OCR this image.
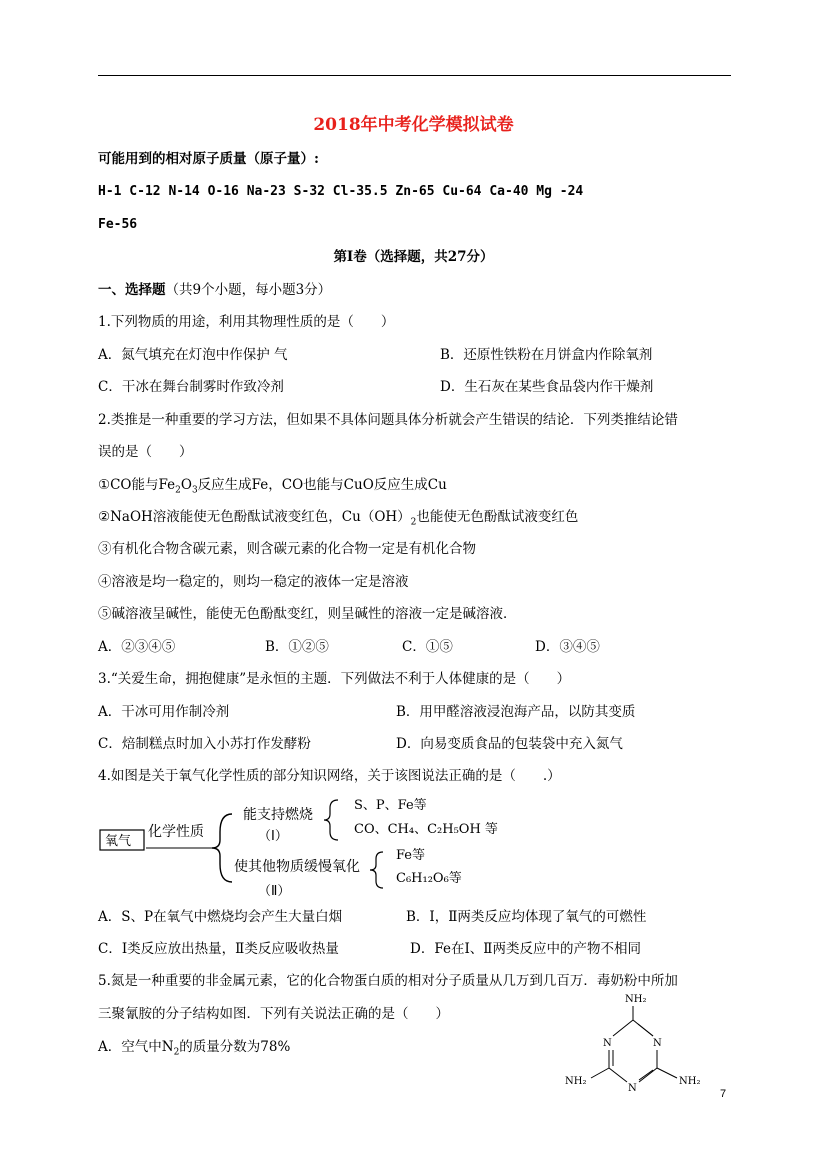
2018年中考化学模拟试卷
可能用到的相对原子质量（原子量）:
H-1 C-12 N-14 O-16 Na-23 S-32 Cl-35.5 Zn-65 Cu-64 Ca-40 Mg -24
Fe-56
第Ⅰ卷（选择题，共27分）
一、选择题（共9个小题，每小题3分）
1.下列物质的用途，利用其物理性质的是（　　）
A．氮气填充在灯泡中作保护 气	B．还原性铁粉在月饼盒内作除氧剂
C．干冰在舞台制雾时作致冷剂	D．生石灰在某些食品袋内作干燥剂
2.类推是一种重要的学习方法，但如果不具体问题具体分析就会产生错误的结论．下列类推结论错
误的是（　　）
①CO能与$Fe_2O_3$反应生成Fe，CO也能与CuO反应生成Cu
②NaOH溶液能使无色酚酞试液变红色，$Cu(OH)_2$也能使无色酚酞试液变红色
③有机化合物含碳元素，则含碳元素的化合物一定是有机化合物
④溶液是均一稳定的，则均一稳定的液体一定是溶液
⑤碱溶液呈碱性，能使无色酚酞变红，则呈碱性的溶液一定是碱溶液．
A．②③④⑤	B．①②⑤	C．①⑤	D．③④⑤
3.“关爱生命，拥抱健康”是永恒的主题．下列做法不利于人体健康的是（　　）
A．干冰可用作制冷剂	B．用甲醛溶液浸泡海产品，以防其变质
C．焙制糕点时加入小苏打作发酵粉	D．向易变质食品的包装袋中充入氮气
4.如图是关于氧气化学性质的部分知识网络，关于该图说法正确的是（　　.）
氧气
化学性质
能支持燃烧
（Ⅰ）
S、P、Fe等
CO、CH₄、C₂H₅OH 等
使其他物质缓慢氧化
（Ⅱ）
Fe等
C₆H₁₂O₆等
A．S、P在氧气中燃烧均会产生大量白烟	B．Ⅰ，Ⅱ两类反应均体现了氧气的可燃性
C．Ⅰ类反应放出热量，Ⅱ类反应吸收热量	D．Fe在Ⅰ、Ⅱ两类反应中的产物不相同
5.氮是一种重要的非金属元素，它的化合物蛋白质的相对分子质量从几万到几百万．毒奶粉中所加
三聚氰胺的分子结构如图．下列有关说法正确的是（　　）
A．空气中$N_2$的质量分数为78%
NH₂
NH₂	NH₂
N	N
N	7
